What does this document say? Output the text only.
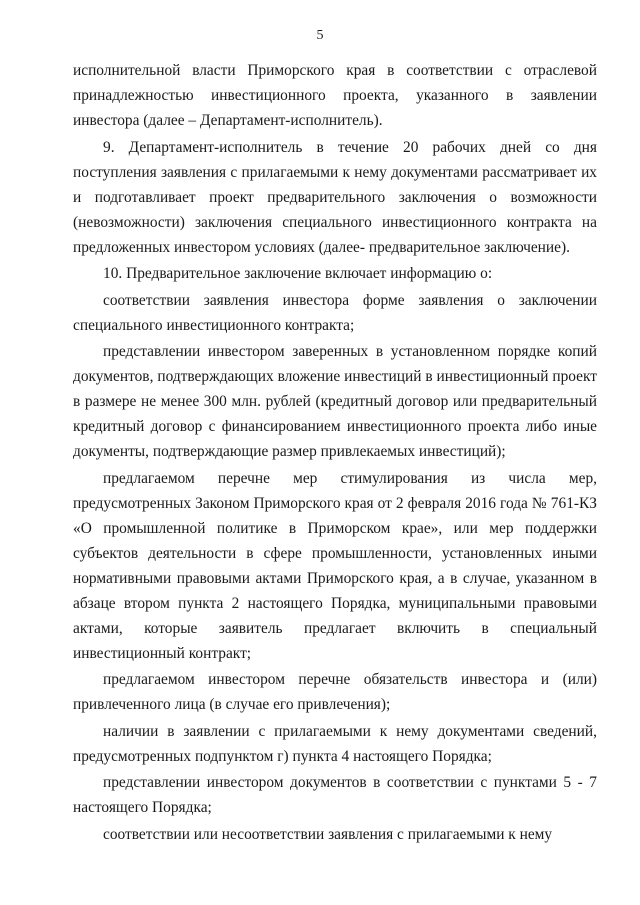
5

исполнительной власти Приморского края в соответствии с отраслевой принадлежностью инвестиционного проекта, указанного в заявлении инвестора (далее – Департамент-исполнитель).

9. Департамент-исполнитель в течение 20 рабочих дней со дня поступления заявления с прилагаемыми к нему документами рассматривает их и подготавливает проект предварительного заключения о возможности (невозможности) заключения специального инвестиционного контракта на предложенных инвестором условиях (далее- предварительное заключение).

10. Предварительное заключение включает информацию о:

соответствии заявления инвестора форме заявления о заключении специального инвестиционного контракта;

представлении инвестором заверенных в установленном порядке копий документов, подтверждающих вложение инвестиций в инвестиционный проект в размере не менее 300 млн. рублей (кредитный договор или предварительный кредитный договор с финансированием инвестиционного проекта либо иные документы, подтверждающие размер привлекаемых инвестиций);

предлагаемом перечне мер стимулирования из числа мер, предусмотренных Законом Приморского края от 2 февраля 2016 года № 761-КЗ «О промышленной политике в Приморском крае», или мер поддержки субъектов деятельности в сфере промышленности, установленных иными нормативными правовыми актами Приморского края, а в случае, указанном в абзаце втором пункта 2 настоящего Порядка, муниципальными правовыми актами, которые заявитель предлагает включить в специальный инвестиционный контракт;

предлагаемом инвестором перечне обязательств инвестора и (или) привлеченного лица (в случае его привлечения);

наличии в заявлении с прилагаемыми к нему документами сведений, предусмотренных подпунктом г) пункта 4 настоящего Порядка;

представлении инвестором документов в соответствии с пунктами 5 - 7 настоящего Порядка;

соответствии или несоответствии заявления с прилагаемыми к нему
